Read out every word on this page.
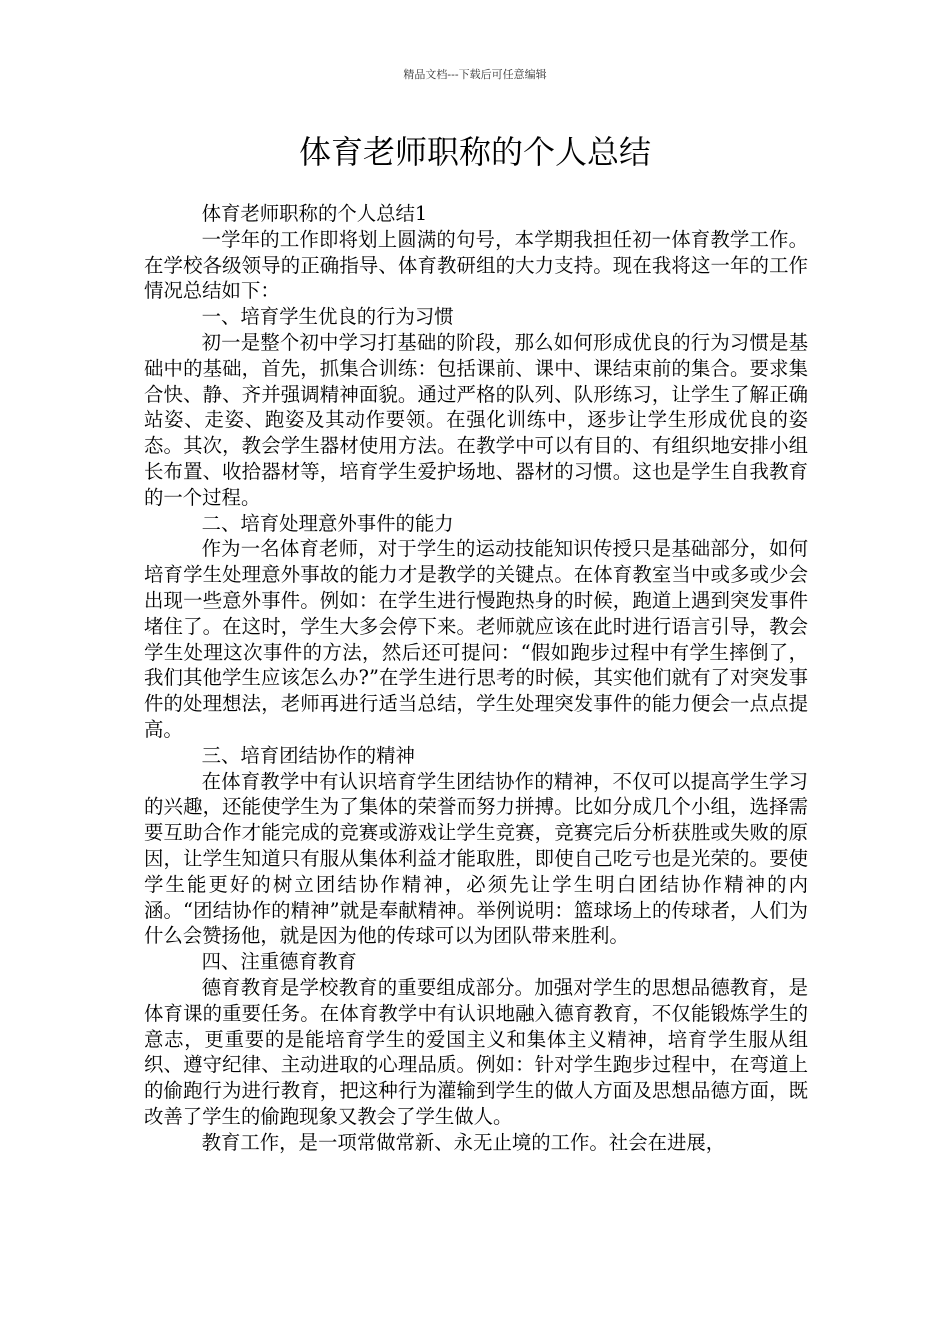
精品文档---下载后可任意编辑
体育老师职称的个人总结

体育老师职称的个人总结1

一学年的工作即将划上圆满的句号，本学期我担任初一体育教学工作。在学校各级领导的正确指导、体育教研组的大力支持。现在我将这一年的工作情况总结如下：

一、培育学生优良的行为习惯

初一是整个初中学习打基础的阶段，那么如何形成优良的行为习惯是基础中的基础，首先，抓集合训练：包括课前、课中、课结束前的集合。要求集合快、静、齐并强调精神面貌。通过严格的队列、队形练习，让学生了解正确站姿、走姿、跑姿及其动作要领。在强化训练中，逐步让学生形成优良的姿态。其次，教会学生器材使用方法。在教学中可以有目的、有组织地安排小组长布置、收拾器材等，培育学生爱护场地、器材的习惯。这也是学生自我教育的一个过程。

二、培育处理意外事件的能力

作为一名体育老师，对于学生的运动技能知识传授只是基础部分，如何培育学生处理意外事故的能力才是教学的关键点。在体育教室当中或多或少会出现一些意外事件。例如：在学生进行慢跑热身的时候，跑道上遇到突发事件堵住了。在这时，学生大多会停下来。老师就应该在此时进行语言引导，教会学生处理这次事件的方法，然后还可提问：“假如跑步过程中有学生摔倒了，我们其他学生应该怎么办?”在学生进行思考的时候，其实他们就有了对突发事件的处理想法，老师再进行适当总结，学生处理突发事件的能力便会一点点提高。

三、培育团结协作的精神

在体育教学中有认识培育学生团结协作的精神，不仅可以提高学生学习的兴趣，还能使学生为了集体的荣誉而努力拼搏。比如分成几个小组，选择需要互助合作才能完成的竞赛或游戏让学生竞赛，竞赛完后分析获胜或失败的原因，让学生知道只有服从集体利益才能取胜，即使自己吃亏也是光荣的。要使学生能更好的树立团结协作精神，必须先让学生明白团结协作精神的内涵。“团结协作的精神”就是奉献精神。举例说明：篮球场上的传球者，人们为什么会赞扬他，就是因为他的传球可以为团队带来胜利。

四、注重德育教育

德育教育是学校教育的重要组成部分。加强对学生的思想品德教育，是体育课的重要任务。在体育教学中有认识地融入德育教育，不仅能锻炼学生的意志，更重要的是能培育学生的爱国主义和集体主义精神，培育学生服从组织、遵守纪律、主动进取的心理品质。例如：针对学生跑步过程中，在弯道上的偷跑行为进行教育，把这种行为灌输到学生的做人方面及思想品德方面，既改善了学生的偷跑现象又教会了学生做人。

教育工作，是一项常做常新、永无止境的工作。社会在进展，
